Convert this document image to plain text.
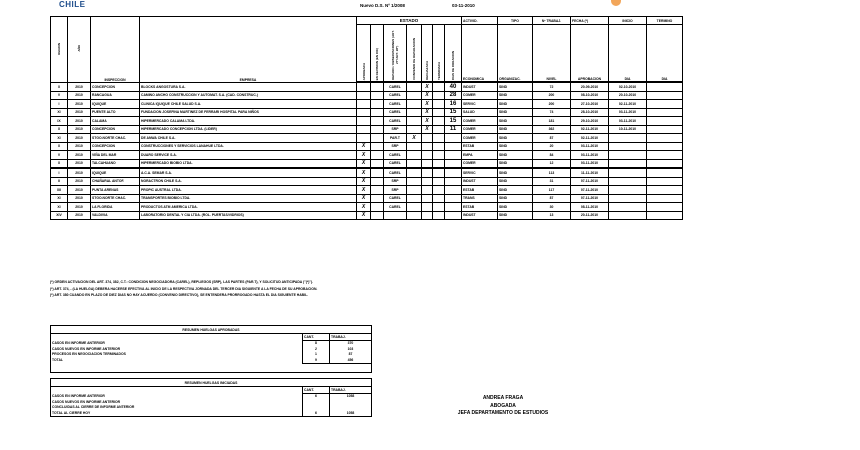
CHILE	Nuevo D.S. Nº 1/2008	03-11-2010
REGION	AÑO	INSPECCION	EMPRESA	ESTADO							ACTIVID.	TIPO	Nº TRABAJ.	FECHA (*)	INICIO	TERMINO
				APROBADA	EN REVISION (EN DIC)	REPARO / OBSERVACIONES (ART. 27º/ART. 28º)	CONVENIO DE REPARACION	RECHAZADA	TERMINADA	DIAS DE DURACION	ECONOMICA	ORGANIZAC.	NIVEL	APROBACION	DIA	DIA
X	2010	CONCEPCION	BLOCKS ANGOSTURA S.A.			CAREL		X		40	INDUST	SIND	72	20-09-2010	02-10-2010	
V	2010	RANCAGUA	CAMINO ANCHO CONSTRUCCION Y AUTOMAT. S.A. (CAD. CONSTRUC.)			CAREL		X		28	COMER	SIND	200	08-10-2010	20-10-2010	
I	2010	IQUIQUE	CLINICA IQUIQUE CHILE SALUD S.A.			CAREL		X		16	SERVIC	SIND	200	27-10-2010	02-11-2010	
XI	2010	PUENTE ALTO	FUNDACION JOSEFINA MARTINEZ DE FERRARI HOSPITAL PARA NIÑOS			CAREL		X		15	SALUD	SIND	74	28-10-2010	03-11-2010	
IX	2010	CALAMA	HIPERMERCADO CALAMA LTDA.			CAREL		X		15	COMER	SIND	181	29-10-2010	03-11-2010	
X	2010	CONCEPCION	HIPERMERCADO CONCEPCION LTDA. (LIDER)			SRP		X		11	COMER	SIND	362	02-11-2010	10-11-2010	
XI	2010	STGO.NORTE CHAC.	DE ANWA CHILE S.A.			PAR.T	X				COMER	SIND	87	02-11-2010		
X	2010	CONCEPCION	CONSTRUCCIONES Y SERVICIOS LANAHUE LTDA.	X		SRP					ESTAB	SIND	20	03-11-2010		
V	2010	VIÑA DEL MAR	DUARO SERVICE S.A.	X		CAREL					EMPA	SIND	84	03-11-2010		
X	2010	TALCAHUANO	HIPERMERCADO BIOBIO LTDA.	X		CAREL					COMER	SIND	12	03-11-2010		
I	2010	IQUIQUE	A.C.A. SEMAR S.A.	X		CAREL					SERVIC	SIND	113	11-11-2010		
II	2010	CHAÑARAL ANTOF.	NORACTRON CHILE S.A.	X		SRP					INDUST	SIND	31	07-11-2010		
XII	2010	PUNTA ARENAS	PROPIC AUSTRAL LTDA.	X		SRP					ESTAB	SIND	117	07-11-2010		
XI	2010	STGO.NORTE CHAC.	TRANSPORTES BIOBIO LTDA.	X		CAREL					TRANS	SIND	87	07-11-2010		
XI	2010	LA FLORIDA	PRODUCTOS ATM AMERICA LTDA.	X		CAREL					ESTAB	SIND	30	08-11-2010		
XIV	2010	VALDIVIA	LABORATORIO DENTAL Y CIA LTDA. (ROL. PUERTAS/VIDRIOS)	X							INDUST	SIND	13	20-11-2010		
(*) ORDEN ACTIVACION DEL ART. 374, 382, C.T.: CONDICION NEGOCIADORA (CAREL), REPLIEGOS (SRP), LAS PARTES (PAR.T), Y SOLICITUD ANTICIPADA ("(*)").
(*) ART. 374, - (LA HUELGA) DEBERA HACERSE EFECTIVA AL INICIO DE LA RESPECTIVA JORNADA DEL TERCER DIA SIGUIENTE A LA FECHA DE SU APROBACION.
(*) ART. 380 CUANDO EN PLAZO DE DIEZ DIAS NO HAY ACUERDO (CONVENIO DIRECTIVO), SE ENTENDERA PRORROGADO HASTA EL DIA SIGUIENTE HABIL.
RESUMEN HUELGAS APROBADAS		
	CANT.	TRABAJ.
CASOS EN INFORME ANTERIOR	8	370
CASOS NUEVOS EN INFORME ANTERIOR	2	103
PROCESOS EN NEGOCIACION TERMINADOS	1	87
TOTAL	9	456

RESUMEN HUELGAS INICIADAS		
	CANT.	TRABAJ.
CASOS EN INFORME ANTERIOR	6	1058
CASOS NUEVOS EN INFORME ANTERIOR		
CONCLUIDAS AL CIERRE DE INFORME ANTERIOR		
TOTAL AL CIERRE HOY	6	1058
ANDREA FRAGA
ABOGADA
JEFA DEPARTAMENTO DE ESTUDIOS
